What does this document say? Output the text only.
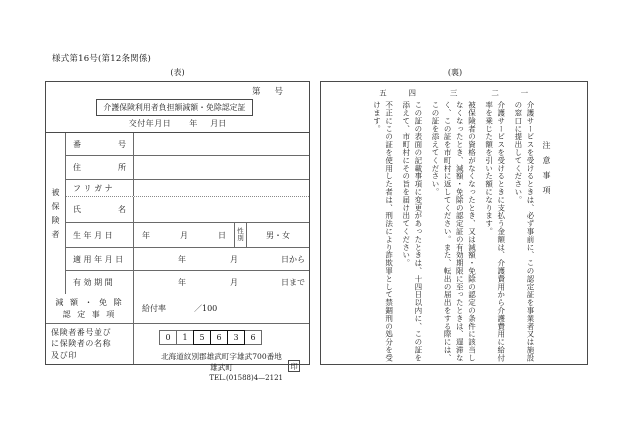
様式第16号(第12条関係)
(表)	(裏)
第号
介護保険利用者負担額減額・免除認定証
交付年月日 年月日
被
保
険
者
番	号
住	所
フ リ ガ ナ
氏	名
生 年 月 日	年	月	日 性
別	男・女
適 用 年 月 日	年	月	日から
有 効 期 間	年	月	日まで
減 額 ・ 免 除
認 定 事 項
給付率	／100
保険者番号並び
に保険者の名称
及び印
0	1	5	6	3	6
北海道紋別郡雄武町字雄武700番地
雄武町	印
TEL.(01588)4—2121
注意事項
一
介護サービスを受けるときは、必ず事前に、この認定証を事業者又は施設の窓口に提出してください。
二
介護サービスを受けるときに支払う金額は、介護費用から介護費用に給付率を乗じた額を引いた額になります。
三
被保険者の資格がなくなったとき、又は減額・免除の認定の条件に該当しなくなったとき、減額・免除の認定証の有効期限に至ったときは、遅滞なく、この証を市町村に返してください。また、転出の届出をする際には、この証を添えてください。
四
この証の表面の記載事項に変更があったときは、十四日以内に、この証を添えて、市町村にその旨を届け出てください。
五
不正にこの証を使用した者は、刑法により詐欺罪として禁錮刑の処分を受けます。
